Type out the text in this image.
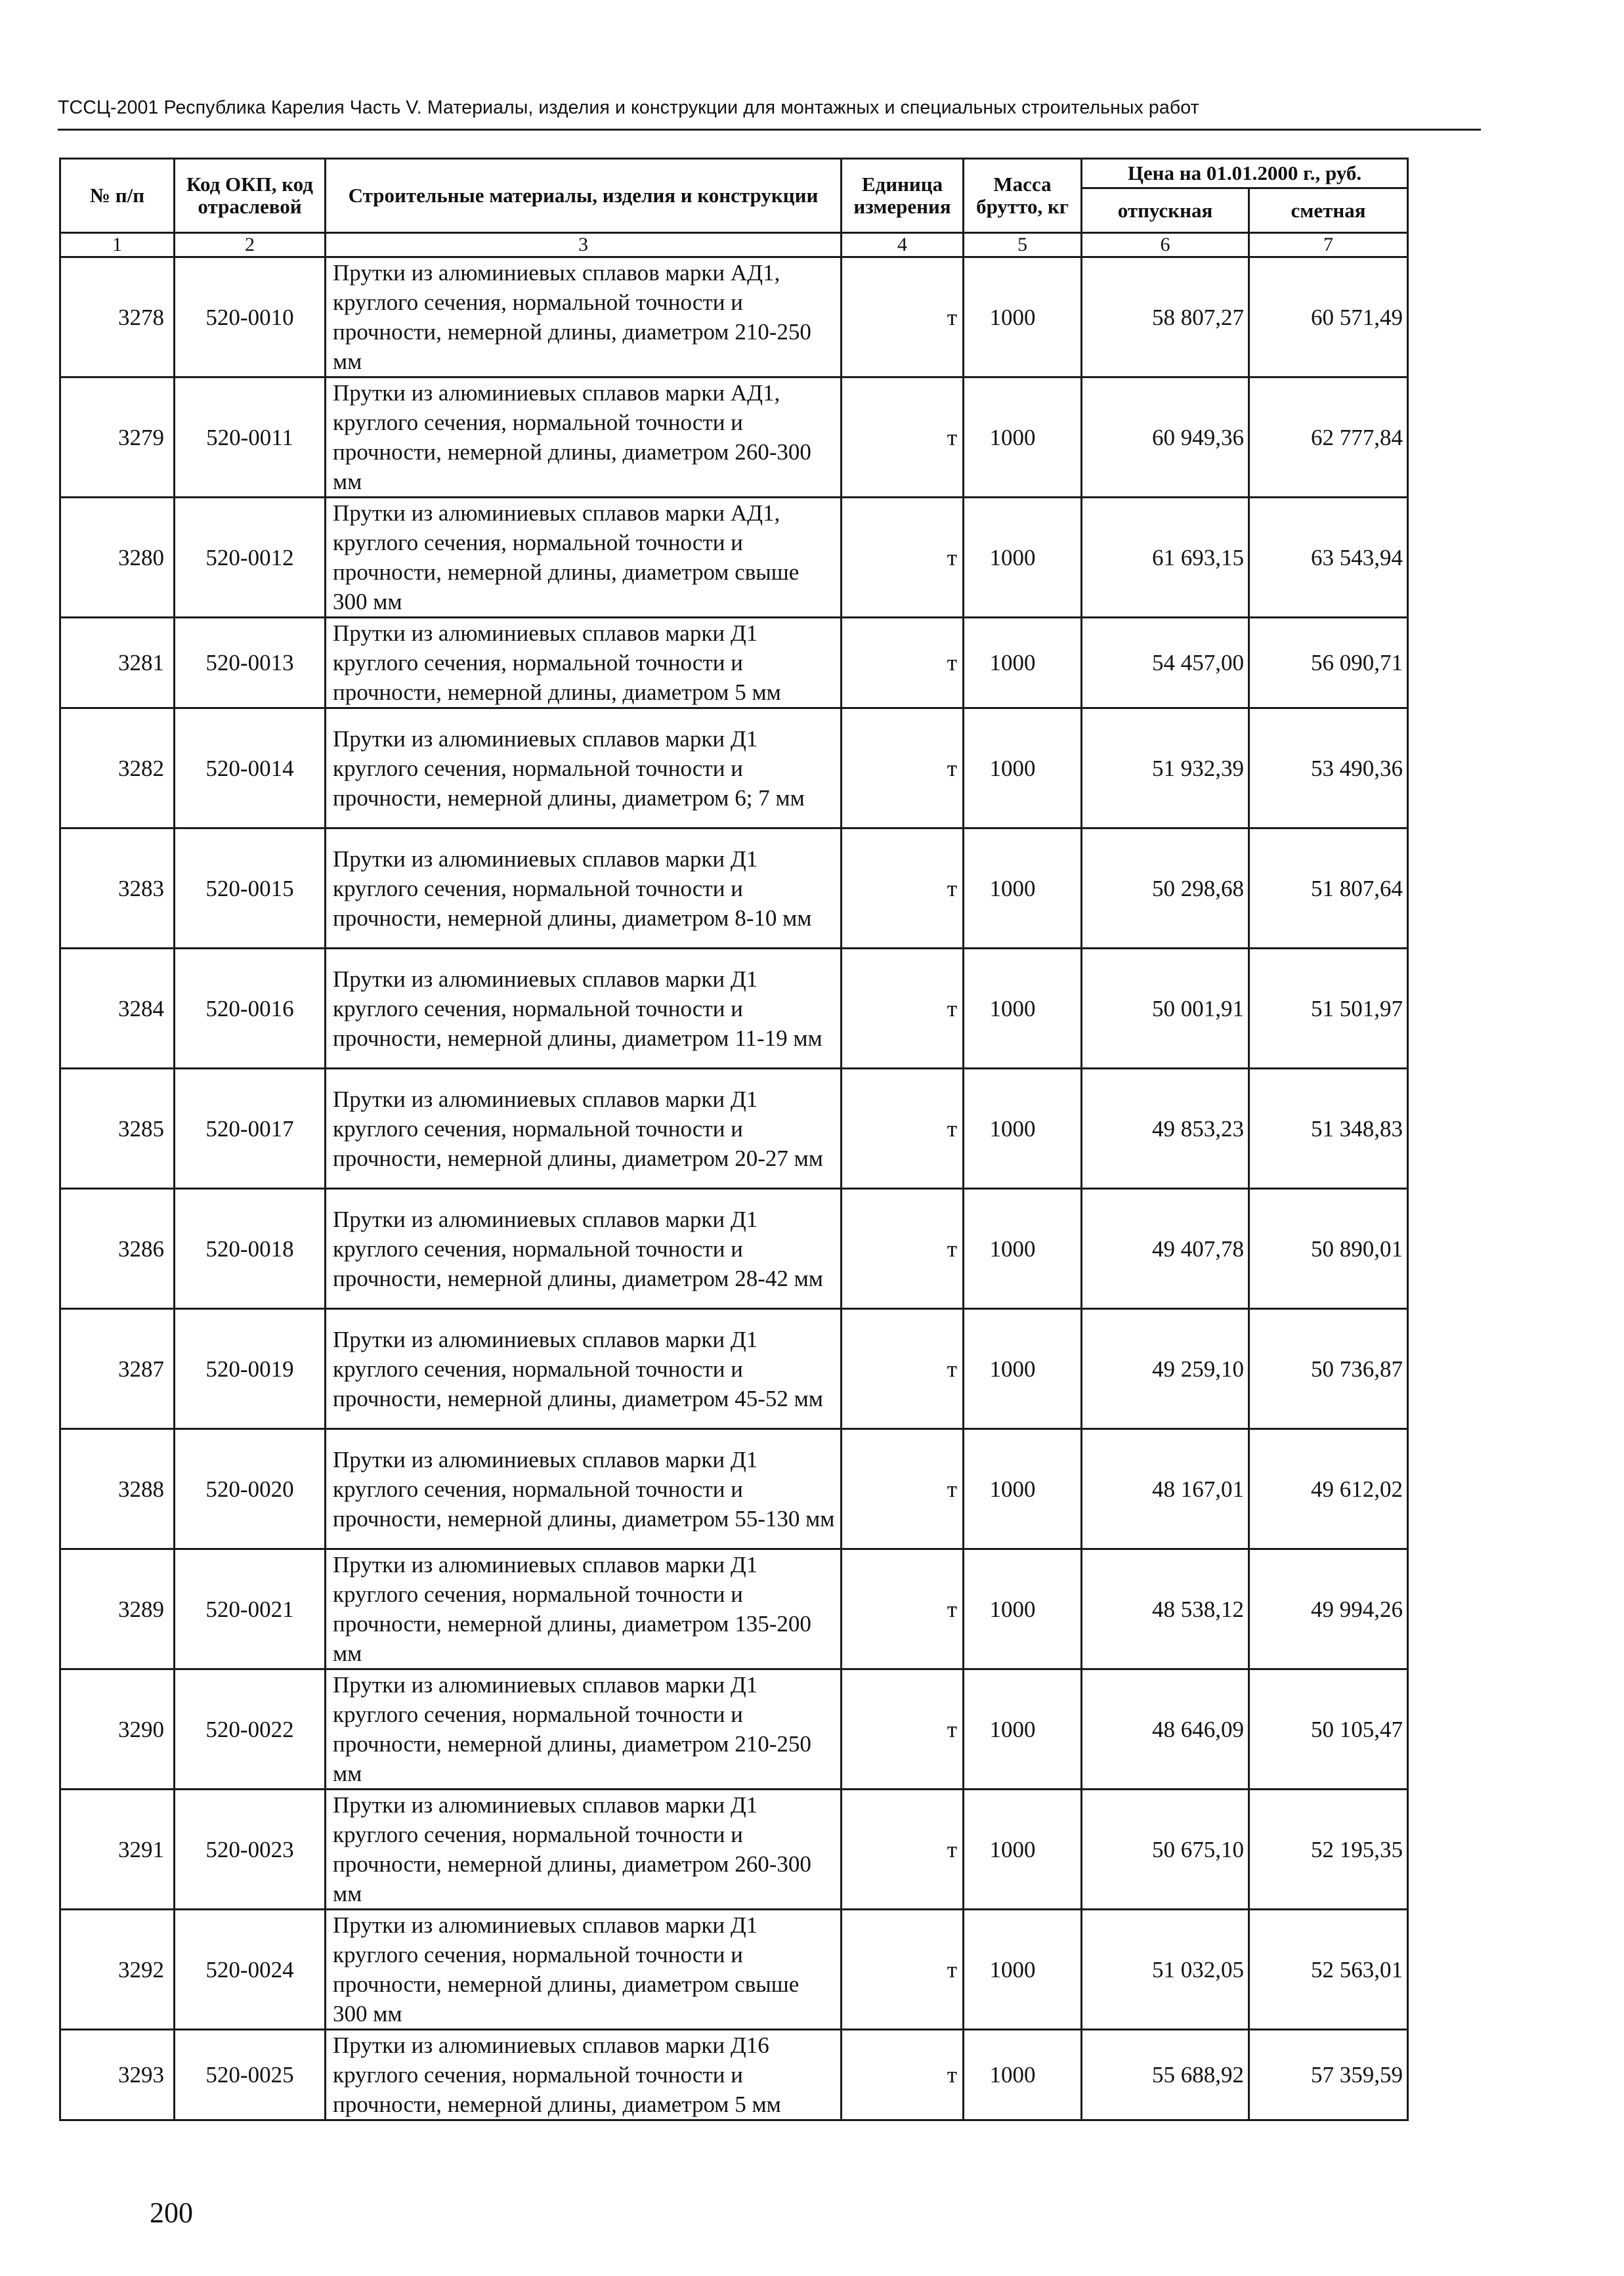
ТССЦ-2001 Республика Карелия Часть V. Материалы, изделия и конструкции для монтажных и специальных строительных работ
№ п/п	Код ОКП, код отраслевой	Строительные материалы, изделия и конструкции	Единица измерения	Масса брутто, кг	Цена на 01.01.2000 г., руб.	
					отпускная	сметная
1	2	3	4	5	6	7
3278	520-0010	Прутки из алюминиевых сплавов марки АД1, круглого сечения, нормальной точности и прочности, немерной длины, диаметром 210-250 мм	т	1000	58 807,27	60 571,49
3279	520-0011	Прутки из алюминиевых сплавов марки АД1, круглого сечения, нормальной точности и прочности, немерной длины, диаметром 260-300 мм	т	1000	60 949,36	62 777,84
3280	520-0012	Прутки из алюминиевых сплавов марки АД1, круглого сечения, нормальной точности и прочности, немерной длины, диаметром свыше 300 мм	т	1000	61 693,15	63 543,94
3281	520-0013	Прутки из алюминиевых сплавов марки Д1 круглого сечения, нормальной точности и прочности, немерной длины, диаметром 5 мм	т	1000	54 457,00	56 090,71
3282	520-0014	Прутки из алюминиевых сплавов марки Д1 круглого сечения, нормальной точности и прочности, немерной длины, диаметром 6; 7 мм	т	1000	51 932,39	53 490,36
3283	520-0015	Прутки из алюминиевых сплавов марки Д1 круглого сечения, нормальной точности и прочности, немерной длины, диаметром 8-10 мм	т	1000	50 298,68	51 807,64
3284	520-0016	Прутки из алюминиевых сплавов марки Д1 круглого сечения, нормальной точности и прочности, немерной длины, диаметром 11-19 мм	т	1000	50 001,91	51 501,97
3285	520-0017	Прутки из алюминиевых сплавов марки Д1 круглого сечения, нормальной точности и прочности, немерной длины, диаметром 20-27 мм	т	1000	49 853,23	51 348,83
3286	520-0018	Прутки из алюминиевых сплавов марки Д1 круглого сечения, нормальной точности и прочности, немерной длины, диаметром 28-42 мм	т	1000	49 407,78	50 890,01
3287	520-0019	Прутки из алюминиевых сплавов марки Д1 круглого сечения, нормальной точности и прочности, немерной длины, диаметром 45-52 мм	т	1000	49 259,10	50 736,87
3288	520-0020	Прутки из алюминиевых сплавов марки Д1 круглого сечения, нормальной точности и прочности, немерной длины, диаметром 55-130 мм	т	1000	48 167,01	49 612,02
3289	520-0021	Прутки из алюминиевых сплавов марки Д1 круглого сечения, нормальной точности и прочности, немерной длины, диаметром 135-200 мм	т	1000	48 538,12	49 994,26
3290	520-0022	Прутки из алюминиевых сплавов марки Д1 круглого сечения, нормальной точности и прочности, немерной длины, диаметром 210-250 мм	т	1000	48 646,09	50 105,47
3291	520-0023	Прутки из алюминиевых сплавов марки Д1 круглого сечения, нормальной точности и прочности, немерной длины, диаметром 260-300 мм	т	1000	50 675,10	52 195,35
3292	520-0024	Прутки из алюминиевых сплавов марки Д1 круглого сечения, нормальной точности и прочности, немерной длины, диаметром свыше 300 мм	т	1000	51 032,05	52 563,01
3293	520-0025	Прутки из алюминиевых сплавов марки Д16 круглого сечения, нормальной точности и прочности, немерной длины, диаметром 5 мм	т	1000	55 688,92	57 359,59
200
